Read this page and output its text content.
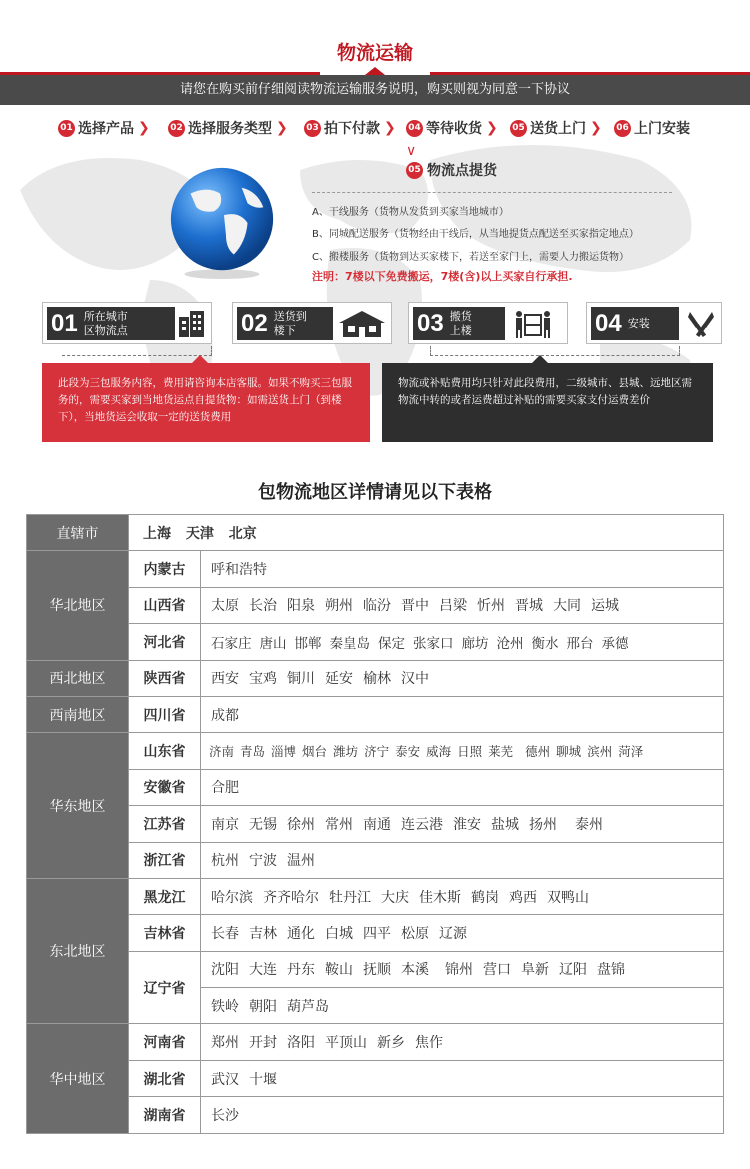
物流运输
请您在购买前仔细阅读物流运输服务说明，购买则视为同意一下协议
01 选择产品 ❯ 02 选择服务类型 ❯ 03 拍下付款 ❯ 04 等待收货 ❯ 05 送货上门 ❯ 06 上门安装
∨
05 物流点提货
A、干线服务（货物从发货到买家当地城市）
B、同城配送服务（货物经由干线后，从当地提货点配送至买家指定地点）
C、搬楼服务（货物到达买家楼下，若送至家门上，需要人力搬运货物）
注明：7楼以下免费搬运，7楼(含)以上买家自行承担.
01 所在城市
区物流点	02 送货到
楼下	03 搬货
上楼	04 安装
此段为三包服务内容，费用请咨询本店客服。如果不购买三包服务的，需要买家到当地货运点自提货物：如需送货上门（到楼下），当地货运会收取一定的送货费用
物流或补贴费用均只针对此段费用，二级城市、县城、远地区需物流中转的或者运费超过补贴的需要买家支付运费差价
包物流地区详情请见以下表格
直辖市	上海 天津 北京	
华北地区	内蒙古	呼和浩特
	山西省	太原 长治 阳泉 朔州 临汾 晋中 吕梁 忻州 晋城 大同 运城
	河北省	石家庄 唐山 邯郸 秦皇岛 保定 张家口 廊坊 沧州 衡水 邢台 承德
西北地区	陕西省	西安 宝鸡 铜川 延安 榆林 汉中
西南地区	四川省	成都
华东地区	山东省	济南 青岛 淄博 烟台 潍坊 济宁 泰安 威海 日照 莱芜 德州 聊城 滨州 菏泽
	安徽省	合肥
	江苏省	南京 无锡 徐州 常州 南通 连云港 淮安 盐城 扬州 泰州
	浙江省	杭州 宁波 温州
东北地区	黑龙江	哈尔滨 齐齐哈尔 牡丹江 大庆 佳木斯 鹤岗 鸡西 双鸭山
	吉林省	长春 吉林 通化 白城 四平 松原 辽源
	辽宁省	沈阳 大连 丹东 鞍山 抚顺 本溪 锦州 营口 阜新 辽阳 盘锦
		铁岭 朝阳 葫芦岛
华中地区	河南省	郑州 开封 洛阳 平顶山 新乡 焦作
	湖北省	武汉 十堰
	湖南省	长沙
